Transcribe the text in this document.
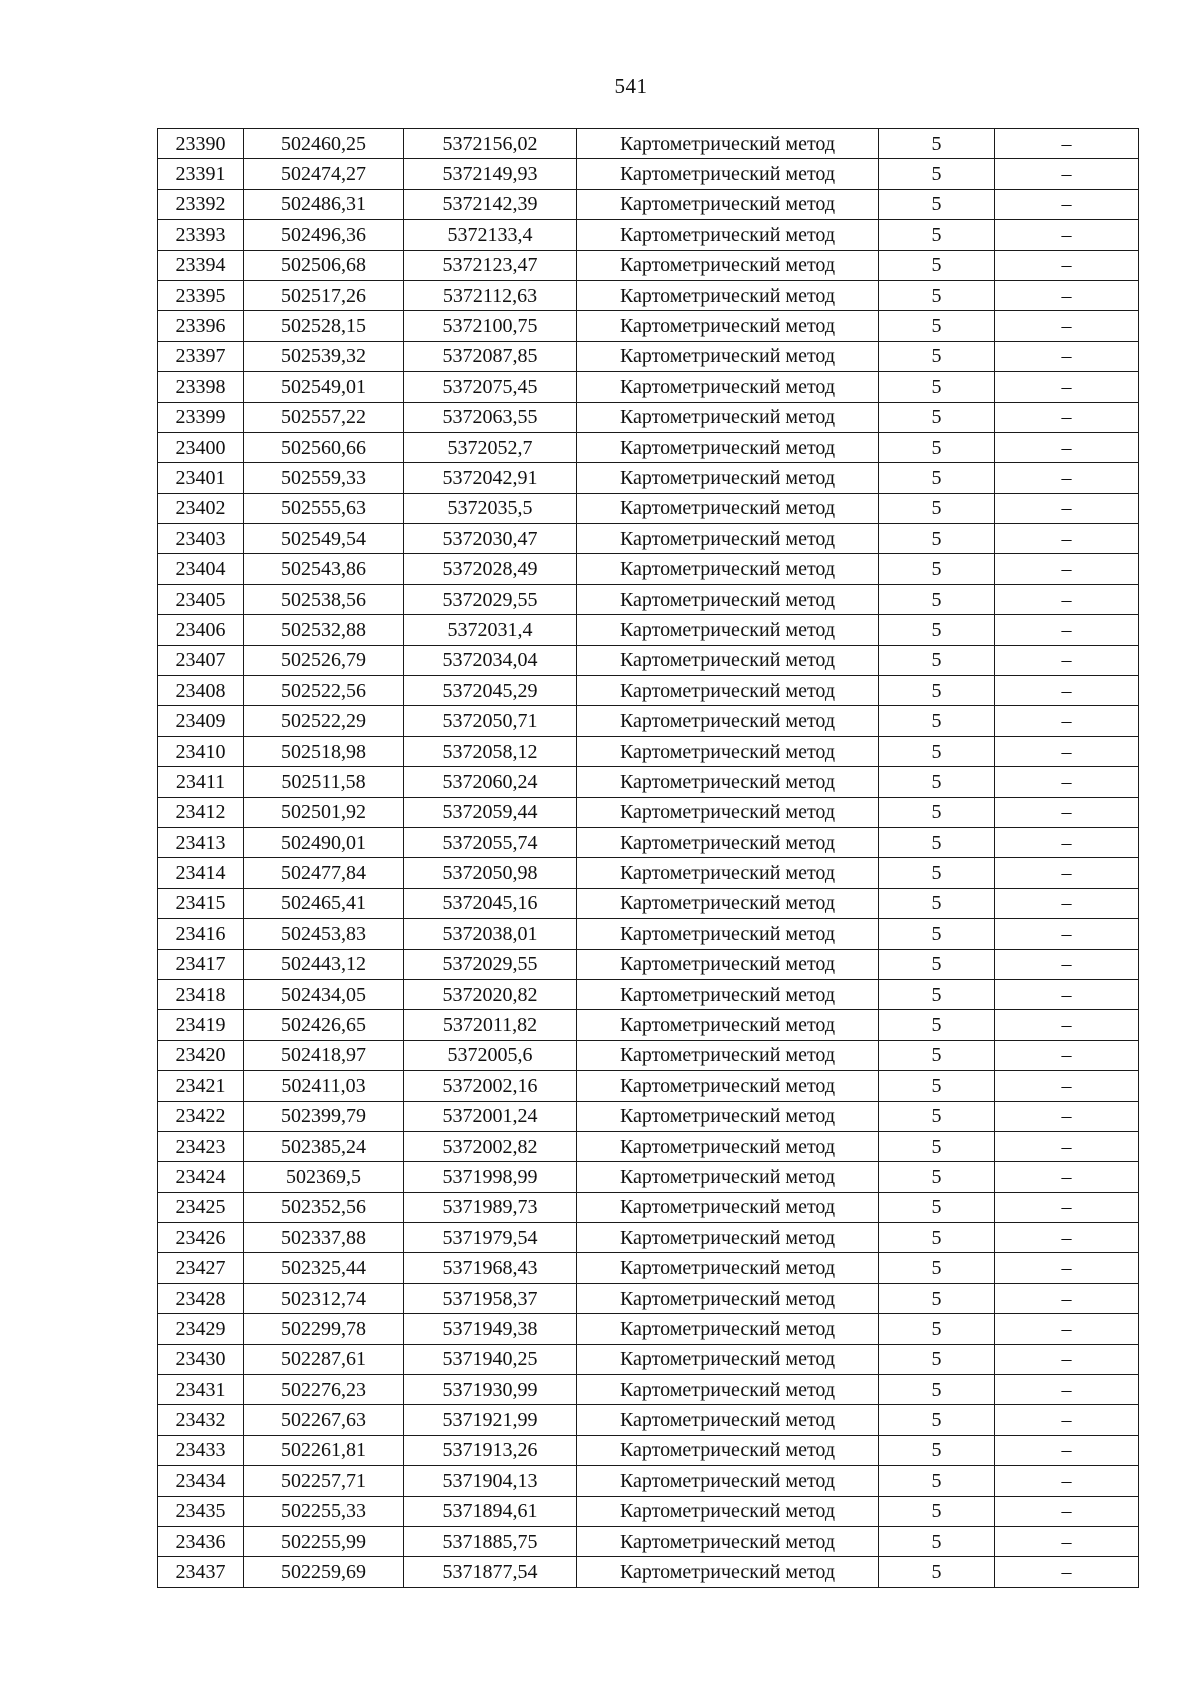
541
23390	502460,25	5372156,02	Картометрический метод	5	–
23391	502474,27	5372149,93	Картометрический метод	5	–
23392	502486,31	5372142,39	Картометрический метод	5	–
23393	502496,36	5372133,4	Картометрический метод	5	–
23394	502506,68	5372123,47	Картометрический метод	5	–
23395	502517,26	5372112,63	Картометрический метод	5	–
23396	502528,15	5372100,75	Картометрический метод	5	–
23397	502539,32	5372087,85	Картометрический метод	5	–
23398	502549,01	5372075,45	Картометрический метод	5	–
23399	502557,22	5372063,55	Картометрический метод	5	–
23400	502560,66	5372052,7	Картометрический метод	5	–
23401	502559,33	5372042,91	Картометрический метод	5	–
23402	502555,63	5372035,5	Картометрический метод	5	–
23403	502549,54	5372030,47	Картометрический метод	5	–
23404	502543,86	5372028,49	Картометрический метод	5	–
23405	502538,56	5372029,55	Картометрический метод	5	–
23406	502532,88	5372031,4	Картометрический метод	5	–
23407	502526,79	5372034,04	Картометрический метод	5	–
23408	502522,56	5372045,29	Картометрический метод	5	–
23409	502522,29	5372050,71	Картометрический метод	5	–
23410	502518,98	5372058,12	Картометрический метод	5	–
23411	502511,58	5372060,24	Картометрический метод	5	–
23412	502501,92	5372059,44	Картометрический метод	5	–
23413	502490,01	5372055,74	Картометрический метод	5	–
23414	502477,84	5372050,98	Картометрический метод	5	–
23415	502465,41	5372045,16	Картометрический метод	5	–
23416	502453,83	5372038,01	Картометрический метод	5	–
23417	502443,12	5372029,55	Картометрический метод	5	–
23418	502434,05	5372020,82	Картометрический метод	5	–
23419	502426,65	5372011,82	Картометрический метод	5	–
23420	502418,97	5372005,6	Картометрический метод	5	–
23421	502411,03	5372002,16	Картометрический метод	5	–
23422	502399,79	5372001,24	Картометрический метод	5	–
23423	502385,24	5372002,82	Картометрический метод	5	–
23424	502369,5	5371998,99	Картометрический метод	5	–
23425	502352,56	5371989,73	Картометрический метод	5	–
23426	502337,88	5371979,54	Картометрический метод	5	–
23427	502325,44	5371968,43	Картометрический метод	5	–
23428	502312,74	5371958,37	Картометрический метод	5	–
23429	502299,78	5371949,38	Картометрический метод	5	–
23430	502287,61	5371940,25	Картометрический метод	5	–
23431	502276,23	5371930,99	Картометрический метод	5	–
23432	502267,63	5371921,99	Картометрический метод	5	–
23433	502261,81	5371913,26	Картометрический метод	5	–
23434	502257,71	5371904,13	Картометрический метод	5	–
23435	502255,33	5371894,61	Картометрический метод	5	–
23436	502255,99	5371885,75	Картометрический метод	5	–
23437	502259,69	5371877,54	Картометрический метод	5	–
